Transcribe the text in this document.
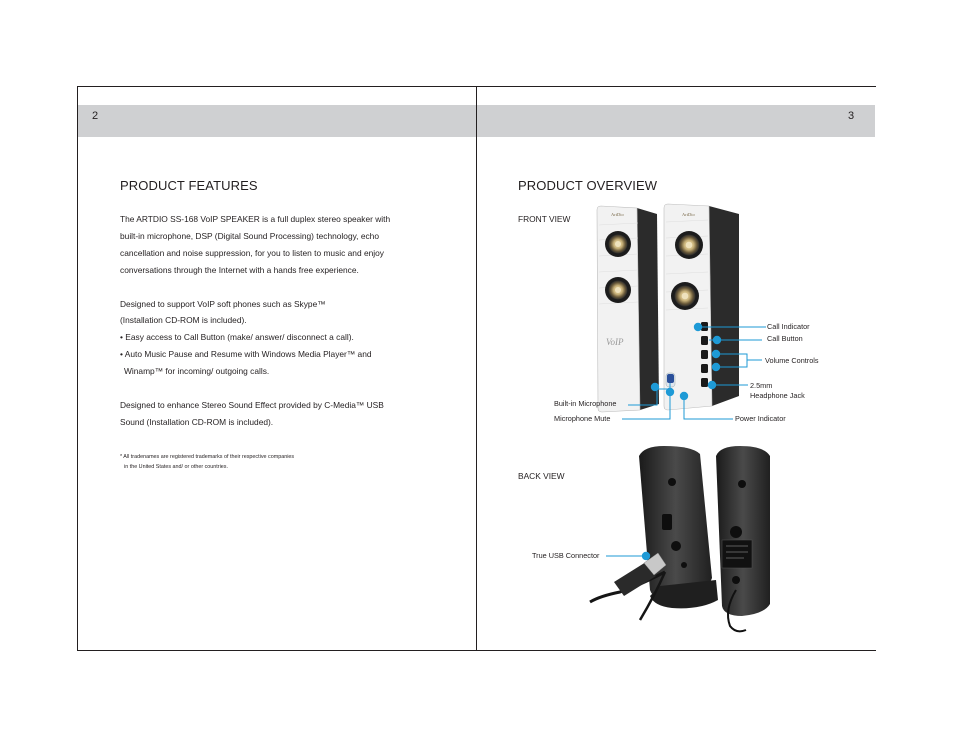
2	3
PRODUCT FEATURES

The ARTDIO SS-168 VoIP SPEAKER is a full duplex stereo speaker with

built-in microphone, DSP (Digital Sound Processing) technology, echo

cancellation and noise suppression, for you to listen to music and enjoy

conversations through the Internet with a hands free experience.

Designed to support VoIP soft phones such as Skype™

(Installation CD-ROM is included).

• Easy access to Call Button (make/ answer/ disconnect a call).

• Auto Music Pause and Resume with Windows Media Player™ and

Winamp™ for incoming/ outgoing calls.

Designed to enhance Stereo Sound Effect provided by C-Media™ USB

Sound (Installation CD-ROM is included).

* All tradenames are registered trademarks of their respective companies
in the United States and/ or other countries.
PRODUCT OVERVIEW
FRONT VIEW
BACK VIEW
ArtDio
VoIP
ArtDio
Call Indicator
Call Button
Volume Controls
2.5mm
Headphone Jack
Built-in Microphone
Microphone Mute	Power Indicator
True USB Connector
